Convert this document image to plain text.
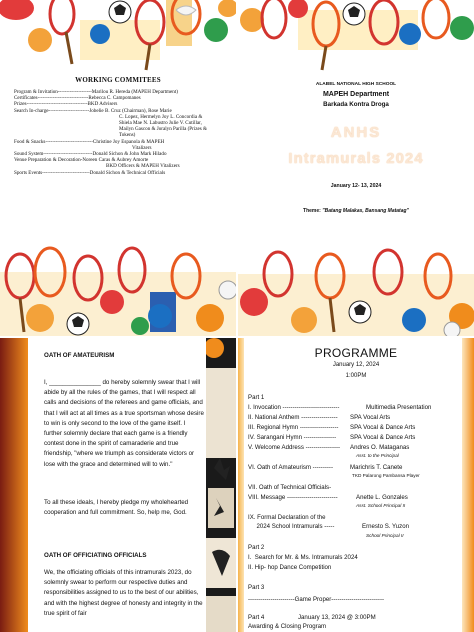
WORKING COMMITEES
Program & Invitation-------------------- Marilou R. Hereda (MAPEH Department)
Certificates------------------------------ Rebecca C. Campomanes
Prizes------------------------------------ BKD Advisers
Search In-charge------------------------ Jobelie B. Cruz (Chairman), Rose Marie
C. Lopez, Hermelyn Joy L. Concordia &
Shiela Mae N. Labustro Julie V. Cutillar,
Mailyn Gascon & Joralyn Parilla (Prizes &
Tokens)
Food & Snacks---------------------------- Christine Joy Espanola & MAPEH
Vitalizers
Sound System----------------------------- Donald Sichon & John Mark Hilado
Venue Preparation & Decoration- Noreen Caras & Aubrey Amorte
BKD Officers & MAPEH Vitalizers
Sports Events---------------------------- Donald Sichon & Technical Officials
ALABEL NATIONAL HIGH SCHOOL
MAPEH Department
Barkada Kontra Droga
ANHS
Intramurals 2024
January 12- 13, 2024
Theme: "Batang Malakas, Bansang Matatag"
OATH OF AMATEURISM
I, _______________ do hereby solemnly swear that I will abide by all the rules of the games, that I will respect all calls and decisions of the referees and game officials, and that I will act at all times as a true sportsman whose desire to win is only second to the love of the game itself. I further solemnly declare that each game is a friendly contest done in the spirit of camaraderie and true friendship, "where we triumph as considerate victors or lose with the grace and determined will to win."
To all these ideals, I hereby pledge my wholehearted cooperation and full commitment. So, help me, God.
OATH OF OFFICIATING OFFICIALS
We, the officiating officials of this intramurals 2023, do solemnly swear to perform our respective duties and responsibilities assigned to us to the best of our abilities, and with the highest degree of honesty and integrity in the true spirit of fair
PROGRAMME
January 12, 2024
1:00PM
Part 1
I. Invocation ----------------------------	Multimedia Presentation
II. National Anthem ------------------ SPA Vocal Arts
III. Regional Hymn ------------------- SPA Vocal & Dance Arts
IV. Sarangani Hymn ---------------- SPA Vocal & Dance Arts
V. Welcome Address ----------------- Andres O. Mataganas
Asst. to the Principal
VI. Oath of Amateurism ----------	Marichris T. Canete
TKD Palarong Pambansa Player
VII. Oath of Technical Officials-
VIII. Message -------------------------	Anette L. Gonzales
Asst. School Principal II
IX. Formal Declaration of the
2024 School Intramurals -----	Ernesto S. Yuzon
School Principal II
Part 2
I.  Search for Mr. & Ms. Intramurals 2024
II. Hip- hop Dance Competition
Part 3
-----------------------Game Proper--------------------------
Part 4	January 13, 2024 @ 3:00PM
Awarding & Closing Program
